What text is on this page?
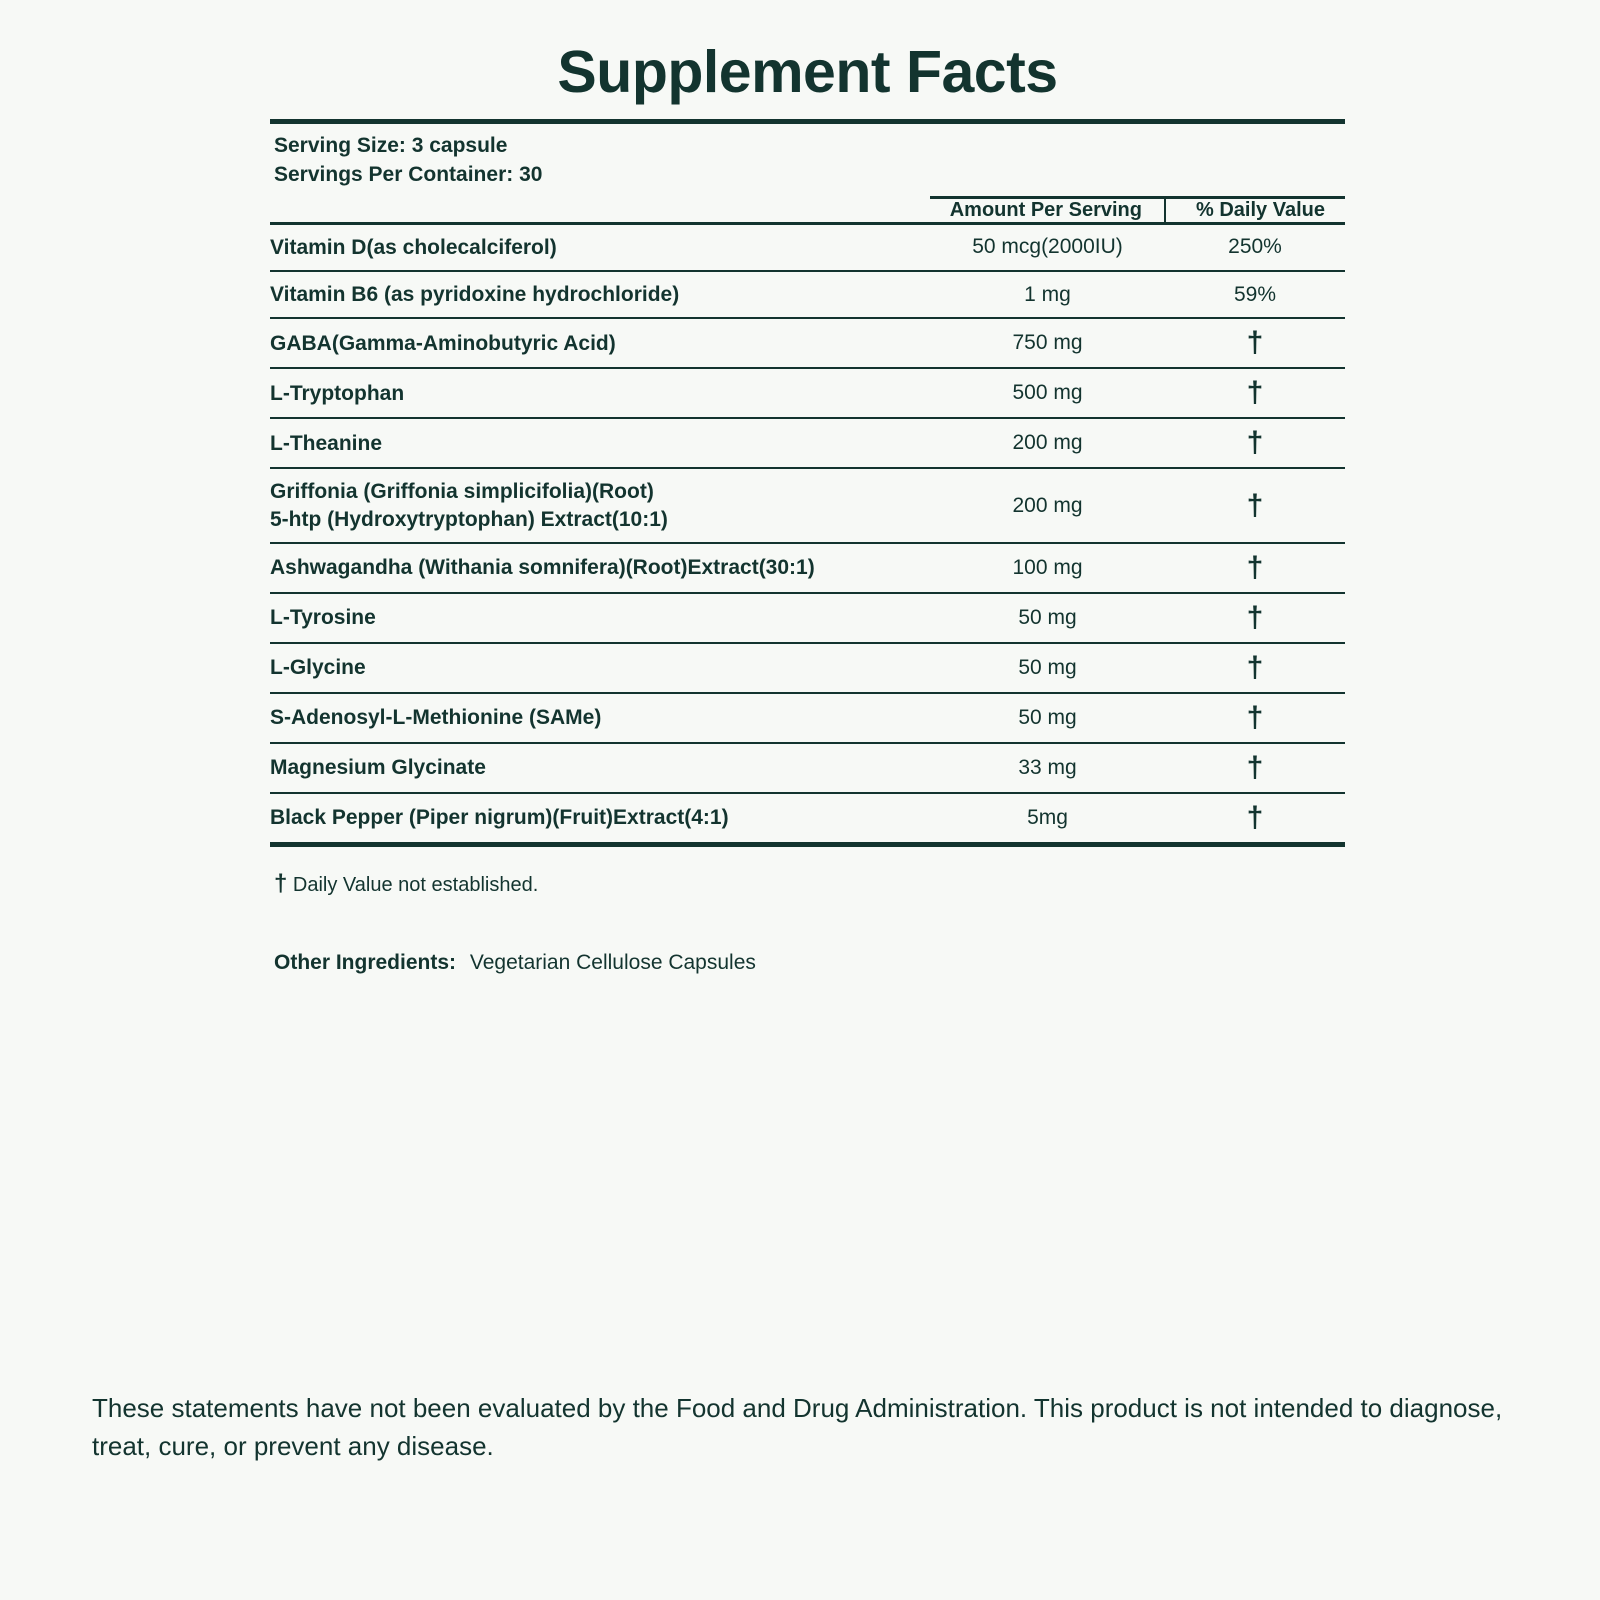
Supplement Facts
Serving Size: 3 capsule
Servings Per Container: 30
	Amount Per Serving	% Daily Value
Vitamin D(as cholecalciferol)	50 mcg(2000IU)	250%
Vitamin B6 (as pyridoxine hydrochloride)	1 mg	59%
GABA(Gamma-Aminobutyric Acid)	750 mg	†
L-Tryptophan	500 mg	†
L-Theanine	200 mg	†
Griffonia (Griffonia simplicifolia)(Root)
5-htp (Hydroxytryptophan) Extract(10:1)	200 mg	†
Ashwagandha (Withania somnifera)(Root)Extract(30:1)	100 mg	†
L-Tyrosine	50 mg	†
L-Glycine	50 mg	†
S-Adenosyl-L-Methionine (SAMe)	50 mg	†
Magnesium Glycinate	33 mg	†
Black Pepper (Piper nigrum)(Fruit)Extract(4:1)	5mg	†
† Daily Value not established.
Other Ingredients: Vegetarian Cellulose Capsules
These statements have not been evaluated by the Food and Drug Administration. This product is not intended to diagnose, treat, cure, or prevent any disease.
